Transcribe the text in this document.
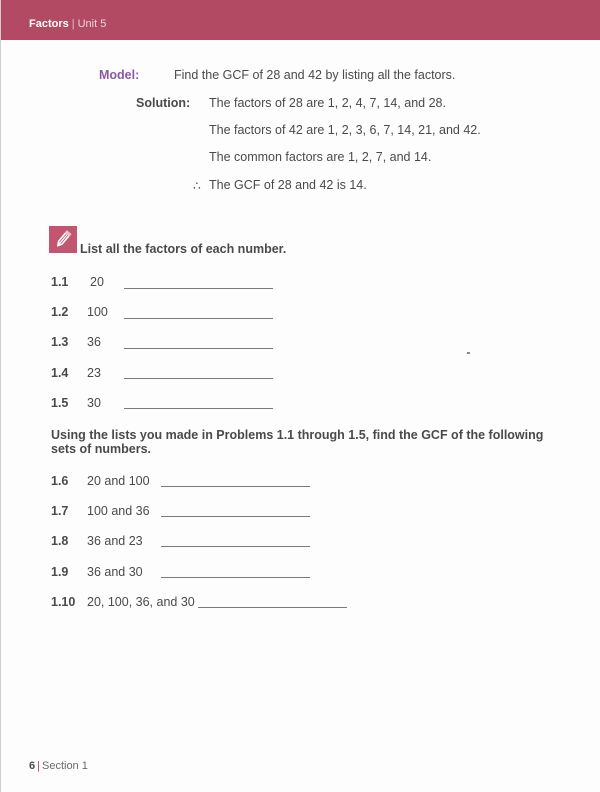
Factors | Unit 5
Model:	Find the GCF of 28 and 42 by listing all the factors.
Solution: The factors of 28 are 1, 2, 4, 7, 14, and 28.
The factors of 42 are 1, 2, 3, 6, 7, 14, 21, and 42.
The common factors are 1, 2, 7, and 14.
∴ The GCF of 28 and 42 is 14.
List all the factors of each number.
1.1 20
1.2 100
1.3 36
1.4 23
1.5 30
Using the lists you made in Problems 1.1 through 1.5, find the GCF of the following sets of numbers.
1.6 20 and 100
1.7 100 and 36
1.8 36 and 23
1.9 36 and 30
1.10 20, 100, 36, and 30
6 | Section 1
